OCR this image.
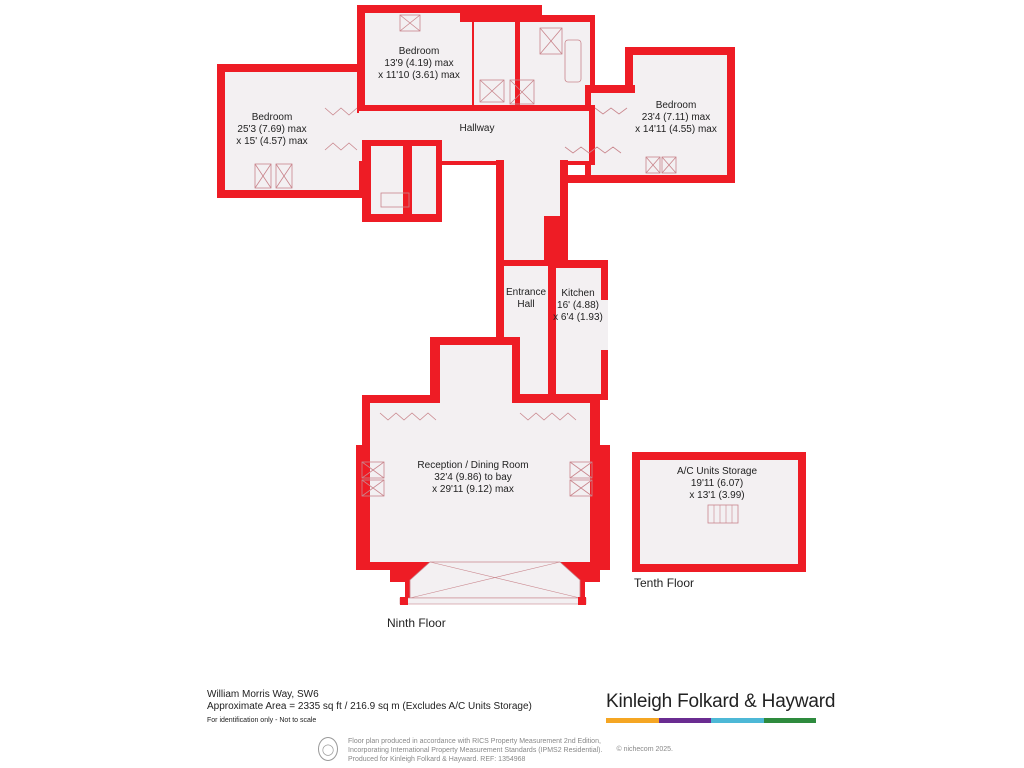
Bedroom
13'9 (4.19) max
x 11'10 (3.61) max
Bedroom
25'3 (7.69) max
x 15' (4.57) max
Bedroom
23'4 (7.11) max
x 14'11 (4.55) max
Hallway
Entrance
Hall
Kitchen
16' (4.88)
x 6'4 (1.93)
Reception / Dining Room
32'4 (9.86) to bay
x 29'11 (9.12) max
A/C Units Storage
19'11 (6.07)
x 13'1 (3.99)
Ninth Floor
Tenth Floor
William Morris Way, SW6
Approximate Area = 2335 sq ft / 216.9 sq m (Excludes A/C Units Storage)
For identification only - Not to scale
Kinleigh Folkard & Hayward
◯
Floor plan produced in accordance with RICS Property Measurement 2nd Edition,
Incorporating International Property Measurement Standards (IPMS2 Residential).
Produced for Kinleigh Folkard & Hayward. REF: 1354968
© nichecom 2025.
